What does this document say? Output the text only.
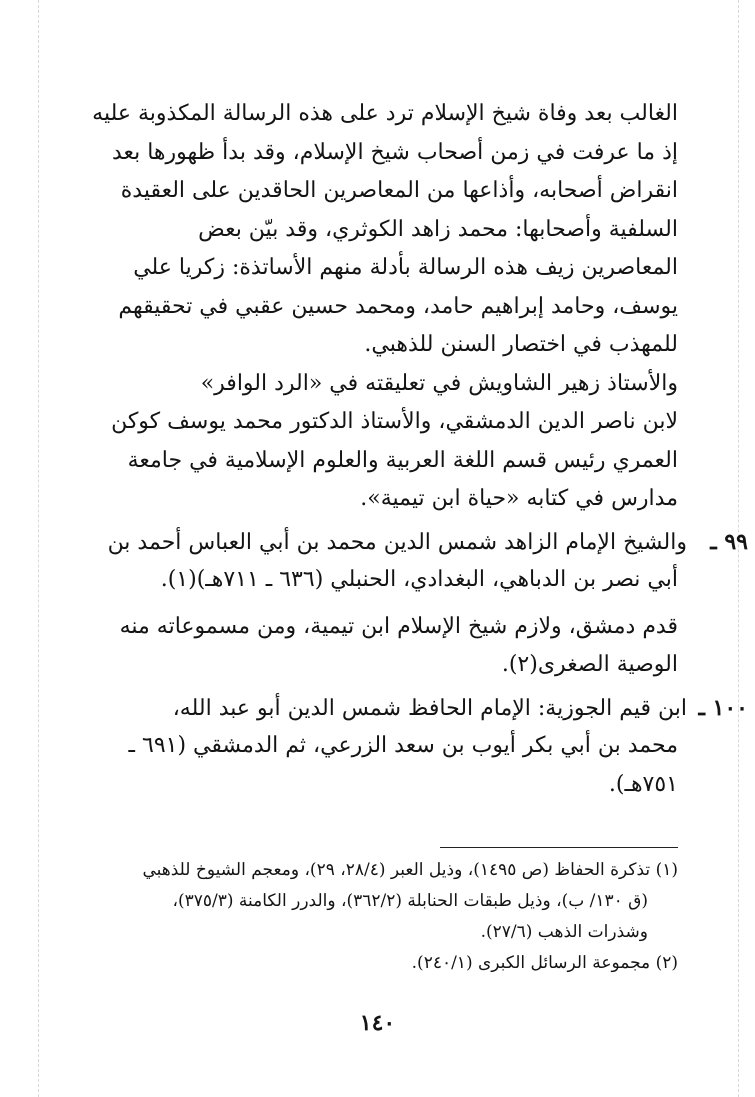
الغالب بعد وفاة شيخ الإسلام ترد على هذه الرسالة المكذوبة عليه
إذ ما عرفت في زمن أصحاب شيخ الإسلام، وقد بدأ ظهورها بعد
انقراض أصحابه، وأذاعها من المعاصرين الحاقدين على العقيدة
السلفية وأصحابها: محمد زاهد الكوثري، وقد بيّن بعض
المعاصرين زيف هذه الرسالة بأدلة منهم الأساتذة: زكريا علي
يوسف، وحامد إبراهيم حامد، ومحمد حسين عقبي في تحقيقهم
للمهذب في اختصار السنن للذهبي.
والأستاذ زهير الشاويش في تعليقته في «الرد الوافر»
لابن ناصر الدين الدمشقي، والأستاذ الدكتور محمد يوسف كوكن
العمري رئيس قسم اللغة العربية والعلوم الإسلامية في جامعة
مدارس في كتابه «حياة ابن تيمية».
٩٩ ـ والشيخ الإمام الزاهد شمس الدين محمد بن أبي العباس أحمد بن
أبي نصر بن الدباهي، البغدادي، الحنبلي (٦٣٦ ـ ٧١١هـ)(١).
قدم دمشق، ولازم شيخ الإسلام ابن تيمية، ومن مسموعاته منه
الوصية الصغرى(٢).
١٠٠ ـ ابن قيم الجوزية: الإمام الحافظ شمس الدين أبو عبد الله،
محمد بن أبي بكر أيوب بن سعد الزرعي، ثم الدمشقي (٦٩١ ـ
٧٥١هـ).
(١) تذكرة الحفاظ (ص ١٤٩٥)، وذيل العبر (٢٨/٤، ٢٩)، ومعجم الشيوخ للذهبي
(ق ١٣٠/ ب)، وذيل طبقات الحنابلة (٣٦٢/٢)، والدرر الكامنة (٣٧٥/٣)،
وشذرات الذهب (٢٧/٦).
(٢) مجموعة الرسائل الكبرى (٢٤٠/١).
١٤٠
